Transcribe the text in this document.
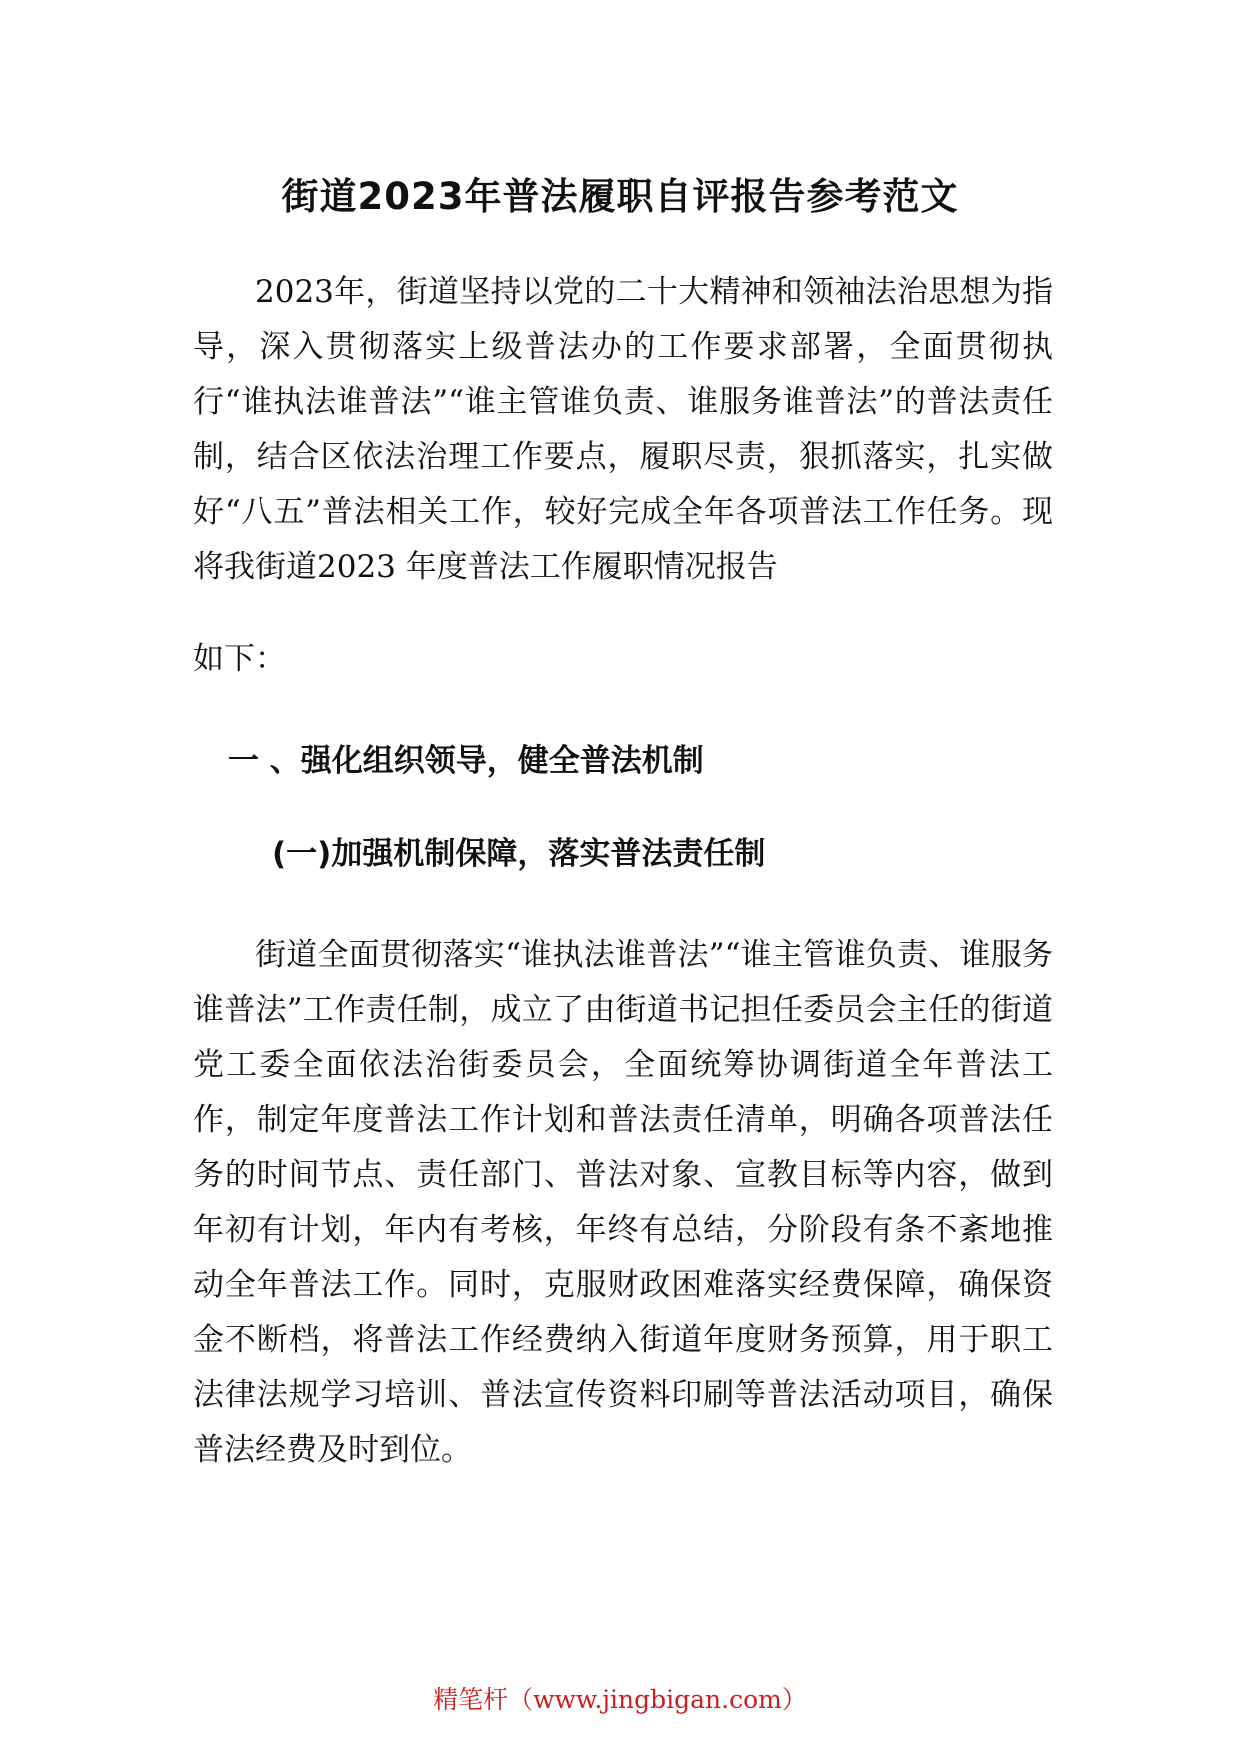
街道2023年普法履职自评报告参考范文
2023年，街道坚持以党的二十大精神和领袖法治思想为指导，深入贯彻落实上级普法办的工作要求部署，全面贯彻执行“谁执法谁普法”“谁主管谁负责、谁服务谁普法”的普法责任制，结合区依法治理工作要点，履职尽责，狠抓落实，扎实做好“八五”普法相关工作，较好完成全年各项普法工作任务。现将我街道2023 年度普法工作履职情况报告
如下：
一 、强化组织领导，健全普法机制
(一)加强机制保障，落实普法责任制
街道全面贯彻落实“谁执法谁普法”“谁主管谁负责、谁服务谁普法”工作责任制，成立了由街道书记担任委员会主任的街道党工委全面依法治街委员会，全面统筹协调街道全年普法工作，制定年度普法工作计划和普法责任清单，明确各项普法任务的时间节点、责任部门、普法对象、宣教目标等内容，做到年初有计划，年内有考核，年终有总结，分阶段有条不紊地推动全年普法工作。同时，克服财政困难落实经费保障，确保资金不断档，将普法工作经费纳入街道年度财务预算，用于职工法律法规学习培训、普法宣传资料印刷等普法活动项目，确保普法经费及时到位。
精笔杆（www.jingbigan.com）
